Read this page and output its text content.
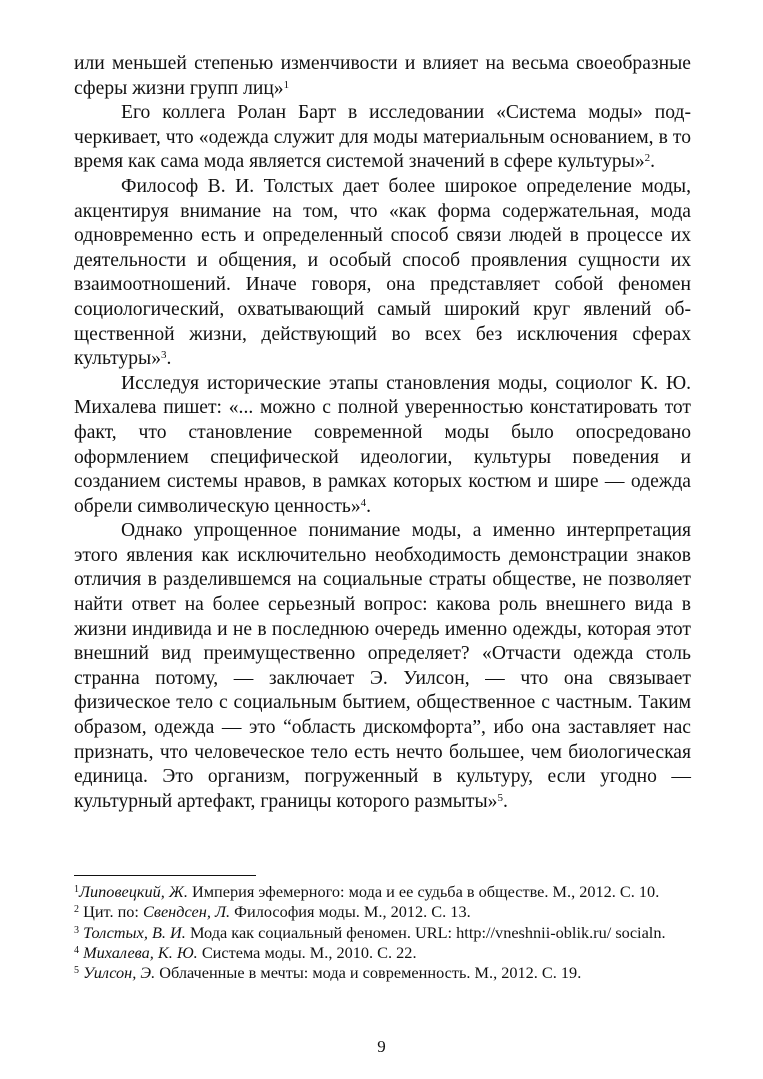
или меньшей степенью изменчивости и влияет на весьма своеобразные сферы жизни групп лиц»$^1$

Его коллега Ролан Барт в исследовании «Система моды» подчеркивает, что «одежда служит для моды материальным основанием, в то время как сама мода является системой значений в сфере культуры»$^2$.

Философ В. И. Толстых дает более широкое определение моды, акцентируя внимание на том, что «как форма содержательная, мода одновременно есть и определенный способ связи людей в процессе их деятельности и общения, и особый способ проявления сущности их взаимоотношений. Иначе говоря, она представляет собой феномен социологический, охватывающий самый широкий круг явлений общественной жизни, действующий во всех без исключения сферах культуры»$^3$.

Исследуя исторические этапы становления моды, социолог К. Ю. Михалева пишет: «... можно с полной уверенностью констатировать тот факт, что становление современной моды было опосредовано оформлением специфической идеологии, культуры поведения и созданием системы нравов, в рамках которых костюм и шире — одежда обрели символическую ценность»$^4$.

Однако упрощенное понимание моды, а именно интерпретация этого явления как исключительно необходимость демонстрации знаков отличия в разделившемся на социальные страты обществе, не позволяет найти ответ на более серьезный вопрос: какова роль внешнего вида в жизни индивида и не в последнюю очередь именно одежды, которая этот внешний вид преимущественно определяет? «Отчасти одежда столь странна потому, — заключает Э. Уилсон, — что она связывает физическое тело с социальным бытием, общественное с частным. Таким образом, одежда — это “область дискомфорта”, ибо она заставляет нас признать, что человеческое тело есть нечто большее, чем биологическая единица. Это организм, погруженный в культуру, если угодно — культурный артефакт, границы которого размыты»$^5$.

$^1$Липовецкий, Ж. Империя эфемерного: мода и ее судьба в обществе. М., 2012. С. 10.

$^2$ Цит. по: Свендсен, Л. Философия моды. М., 2012. С. 13.

$^3$ Толстых, В. И. Мода как социальный феномен. URL: http://vneshnii-oblik.ru/ socialn.

$^4$ Михалева, К. Ю. Система моды. М., 2010. С. 22.

$^5$ Уилсон, Э. Облаченные в мечты: мода и современность. М., 2012. С. 19.

9
